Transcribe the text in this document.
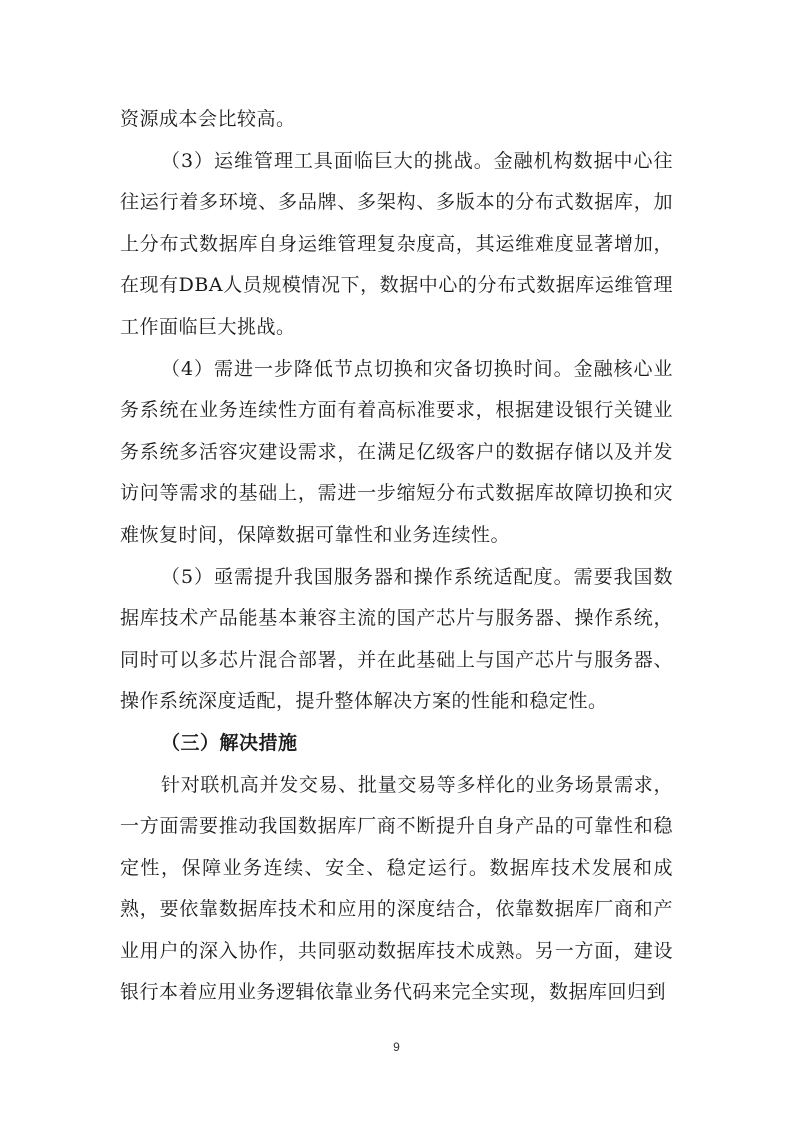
资源成本会比较高。

（3）运维管理工具面临巨大的挑战。金融机构数据中心往往运行着多环境、多品牌、多架构、多版本的分布式数据库，加上分布式数据库自身运维管理复杂度高，其运维难度显著增加，在现有DBA人员规模情况下，数据中心的分布式数据库运维管理工作面临巨大挑战。

（4）需进一步降低节点切换和灾备切换时间。金融核心业务系统在业务连续性方面有着高标准要求，根据建设银行关键业务系统多活容灾建设需求，在满足亿级客户的数据存储以及并发访问等需求的基础上，需进一步缩短分布式数据库故障切换和灾难恢复时间，保障数据可靠性和业务连续性。

（5）亟需提升我国服务器和操作系统适配度。需要我国数据库技术产品能基本兼容主流的国产芯片与服务器、操作系统，同时可以多芯片混合部署，并在此基础上与国产芯片与服务器、操作系统深度适配，提升整体解决方案的性能和稳定性。

（三）解决措施

针对联机高并发交易、批量交易等多样化的业务场景需求，一方面需要推动我国数据库厂商不断提升自身产品的可靠性和稳定性，保障业务连续、安全、稳定运行。数据库技术发展和成熟，要依靠数据库技术和应用的深度结合，依靠数据库厂商和产业用户的深入协作，共同驱动数据库技术成熟。另一方面，建设银行本着应用业务逻辑依靠业务代码来完全实现，数据库回归到

9
